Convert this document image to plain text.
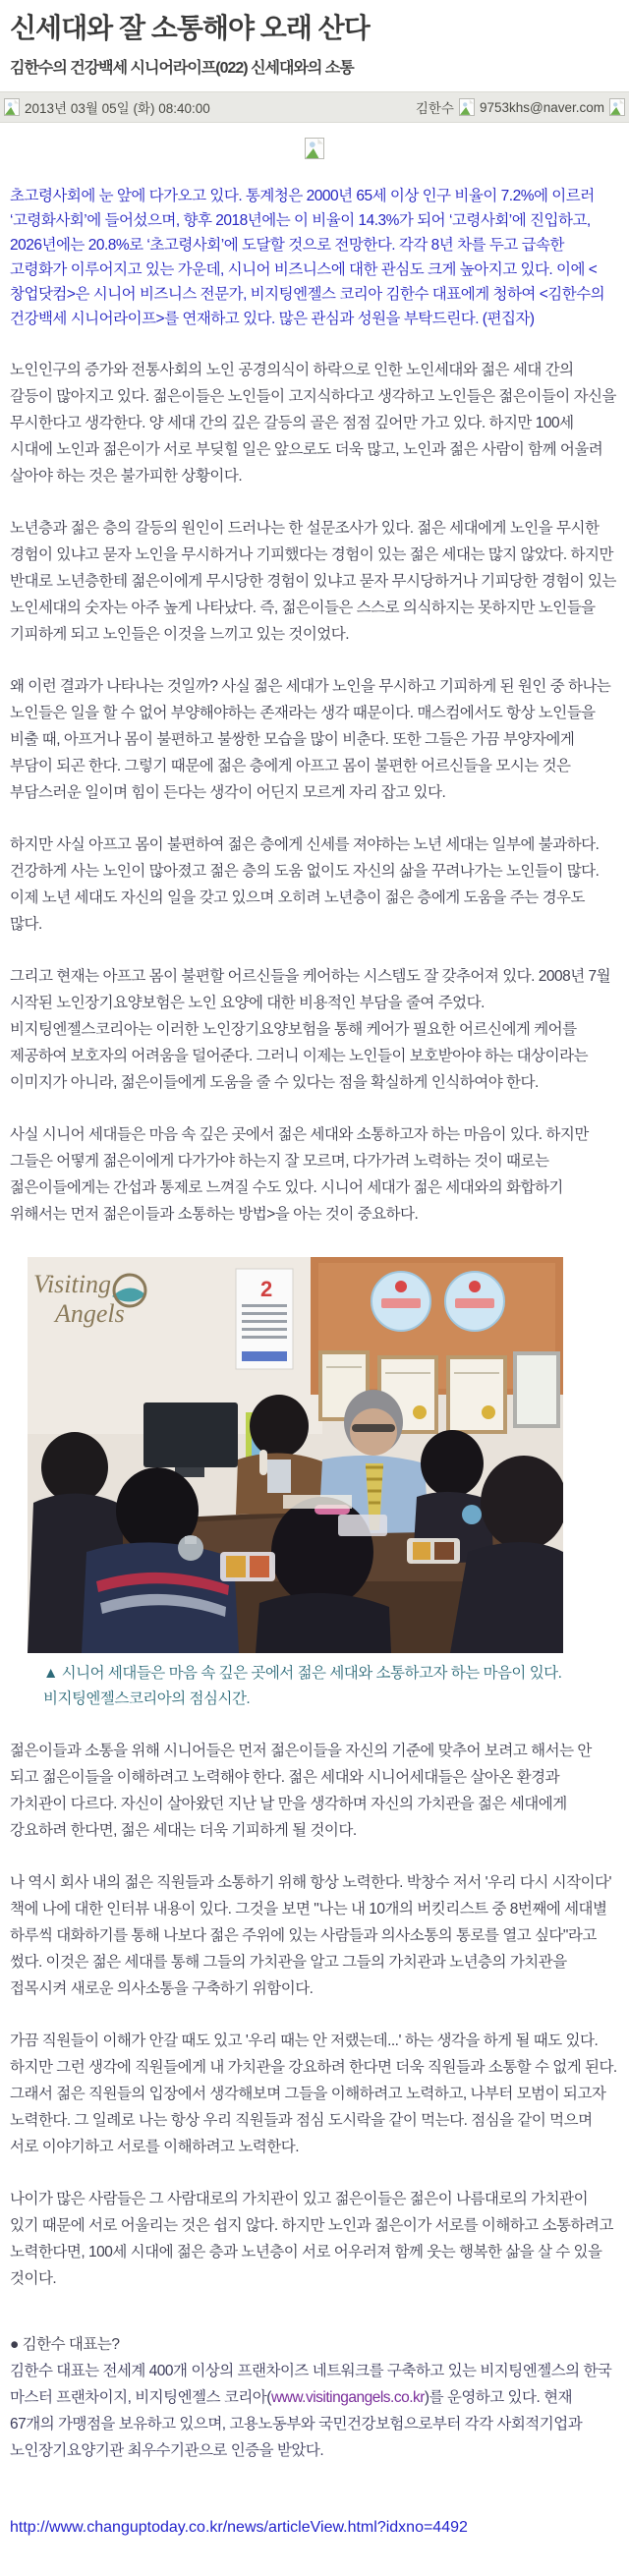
신세대와 잘 소통해야 오래 산다
김한수의 건강백세 시니어라이프(022) 신세대와의 소통
2013년 03월 05일 (화) 08:40:00	김한수 9753khs@naver.com

초고령사회에 눈 앞에 다가오고 있다. 통계청은 2000년 65세 이상 인구 비율이 7.2%에 이르러 ‘고령화사회’에 들어섰으며, 향후 2018년에는 이 비율이 14.3%가 되어 ‘고령사회’에 진입하고, 2026년에는 20.8%로 ‘초고령사회’에 도달할 것으로 전망한다. 각각 8년 차를 두고 급속한 고령화가 이루어지고 있는 가운데, 시니어 비즈니스에 대한 관심도 크게 높아지고 있다. 이에 <창업닷컴>은 시니어 비즈니스 전문가, 비지팅엔젤스 코리아 김한수 대표에게 청하여 <김한수의 건강백세 시니어라이프>를 연재하고 있다. 많은 관심과 성원을 부탁드린다. (편집자)

노인인구의 증가와 전통사회의 노인 공경의식이 하락으로 인한 노인세대와 젊은 세대 간의 갈등이 많아지고 있다. 젊은이들은 노인들이 고지식하다고 생각하고 노인들은 젊은이들이 자신을 무시한다고 생각한다. 양 세대 간의 깊은 갈등의 골은 점점 깊어만 가고 있다. 하지만 100세 시대에 노인과 젊은이가 서로 부딪힐 일은 앞으로도 더욱 많고, 노인과 젊은 사람이 함께 어울려 살아야 하는 것은 불가피한 상황이다.

노년층과 젊은 층의 갈등의 원인이 드러나는 한 설문조사가 있다. 젊은 세대에게 노인을 무시한 경험이 있냐고 묻자 노인을 무시하거나 기피했다는 경험이 있는 젊은 세대는 많지 않았다. 하지만 반대로 노년층한테 젊은이에게 무시당한 경험이 있냐고 묻자 무시당하거나 기피당한 경험이 있는 노인세대의 숫자는 아주 높게 나타났다. 즉, 젊은이들은 스스로 의식하지는 못하지만 노인들을 기피하게 되고 노인들은 이것을 느끼고 있는 것이었다.

왜 이런 결과가 나타나는 것일까? 사실 젊은 세대가 노인을 무시하고 기피하게 된 원인 중 하나는 노인들은 일을 할 수 없어 부양해야하는 존재라는 생각 때문이다. 매스컴에서도 항상 노인들을 비출 때, 아프거나 몸이 불편하고 불쌍한 모습을 많이 비춘다. 또한 그들은 가끔 부양자에게 부담이 되곤 한다. 그렇기 때문에 젊은 층에게 아프고 몸이 불편한 어르신들을 모시는 것은 부담스러운 일이며 힘이 든다는 생각이 어딘지 모르게 자리 잡고 있다.

하지만 사실 아프고 몸이 불편하여 젊은 층에게 신세를 져야하는 노년 세대는 일부에 불과하다. 건강하게 사는 노인이 많아졌고 젊은 층의 도움 없이도 자신의 삶을 꾸려나가는 노인들이 많다. 이제 노년 세대도 자신의 일을 갖고 있으며 오히려 노년층이 젊은 층에게 도움을 주는 경우도 많다.

그리고 현재는 아프고 몸이 불편할 어르신들을 케어하는 시스템도 잘 갖추어져 있다. 2008년 7월 시작된 노인장기요양보험은 노인 요양에 대한 비용적인 부담을 줄여 주었다. 비지팅엔젤스코리아는 이러한 노인장기요양보험을 통해 케어가 필요한 어르신에게 케어를 제공하여 보호자의 어려움을 덜어준다. 그러니 이제는 노인들이 보호받아야 하는 대상이라는 이미지가 아니라, 젊은이들에게 도움을 줄 수 있다는 점을 확실하게 인식하여야 한다.

사실 시니어 세대들은 마음 속 깊은 곳에서 젊은 세대와 소통하고자 하는 마음이 있다. 하지만 그들은 어떻게 젊은이에게 다가가야 하는지 잘 모르며, 다가가려 노력하는 것이 때로는 젊은이들에게는 간섭과 통제로 느껴질 수도 있다. 시니어 세대가 젊은 세대와의 화합하기 위해서는 먼저 젊은이들과 소통하는 방법>을 아는 것이 중요하다.

Visiting
Angels
2
▲ 시니어 세대들은 마음 속 깊은 곳에서 젊은 세대와 소통하고자 하는 마음이 있다. 비지팅엔젤스코리아의 점심시간.

젊은이들과 소통을 위해 시니어들은 먼저 젊은이들을 자신의 기준에 맞추어 보려고 해서는 안 되고 젊은이들을 이해하려고 노력해야 한다. 젊은 세대와 시니어세대들은 살아온 환경과 가치관이 다르다. 자신이 살아왔던 지난 날 만을 생각하며 자신의 가치관을 젊은 세대에게 강요하려 한다면, 젊은 세대는 더욱 기피하게 될 것이다.

나 역시 회사 내의 젊은 직원들과 소통하기 위해 항상 노력한다. 박창수 저서 '우리 다시 시작이다' 책에 나에 대한 인터뷰 내용이 있다. 그것을 보면 "나는 내 10개의 버킷리스트 중 8번째에 세대별 하루씩 대화하기를 통해 나보다 젊은 주위에 있는 사람들과 의사소통의 통로를 열고 싶다"라고 썼다. 이것은 젊은 세대를 통해 그들의 가치관을 알고 그들의 가치관과 노년층의 가치관을 접목시켜 새로운 의사소통을 구축하기 위함이다.

가끔 직원들이 이해가 안갈 때도 있고 '우리 때는 안 저랬는데...' 하는 생각을 하게 될 때도 있다. 하지만 그런 생각에 직원들에게 내 가치관을 강요하려 한다면 더욱 직원들과 소통할 수 없게 된다. 그래서 젊은 직원들의 입장에서 생각해보며 그들을 이해하려고 노력하고, 나부터 모범이 되고자 노력한다. 그 일례로 나는 항상 우리 직원들과 점심 도시락을 같이 먹는다. 점심을 같이 먹으며 서로 이야기하고 서로를 이해하려고 노력한다.

나이가 많은 사람들은 그 사람대로의 가치관이 있고 젊은이들은 젊은이 나름대로의 가치관이 있기 때문에 서로 어울리는 것은 쉽지 않다. 하지만 노인과 젊은이가 서로를 이해하고 소통하려고 노력한다면, 100세 시대에 젊은 층과 노년층이 서로 어우러져 함께 웃는 행복한 삶을 살 수 있을 것이다.

● 김한수 대표는?

김한수 대표는 전세계 400개 이상의 프랜차이즈 네트워크를 구축하고 있는 비지팅엔젤스의 한국 마스터 프랜차이지, 비지팅엔젤스 코리아(www.visitingangels.co.kr)를 운영하고 있다. 현재 67개의 가맹점을 보유하고 있으며, 고용노동부와 국민건강보험으로부터 각각 사회적기업과 노인장기요양기관 최우수기관으로 인증을 받았다.

http://www.changuptoday.co.kr/news/articleView.html?idxno=4492
